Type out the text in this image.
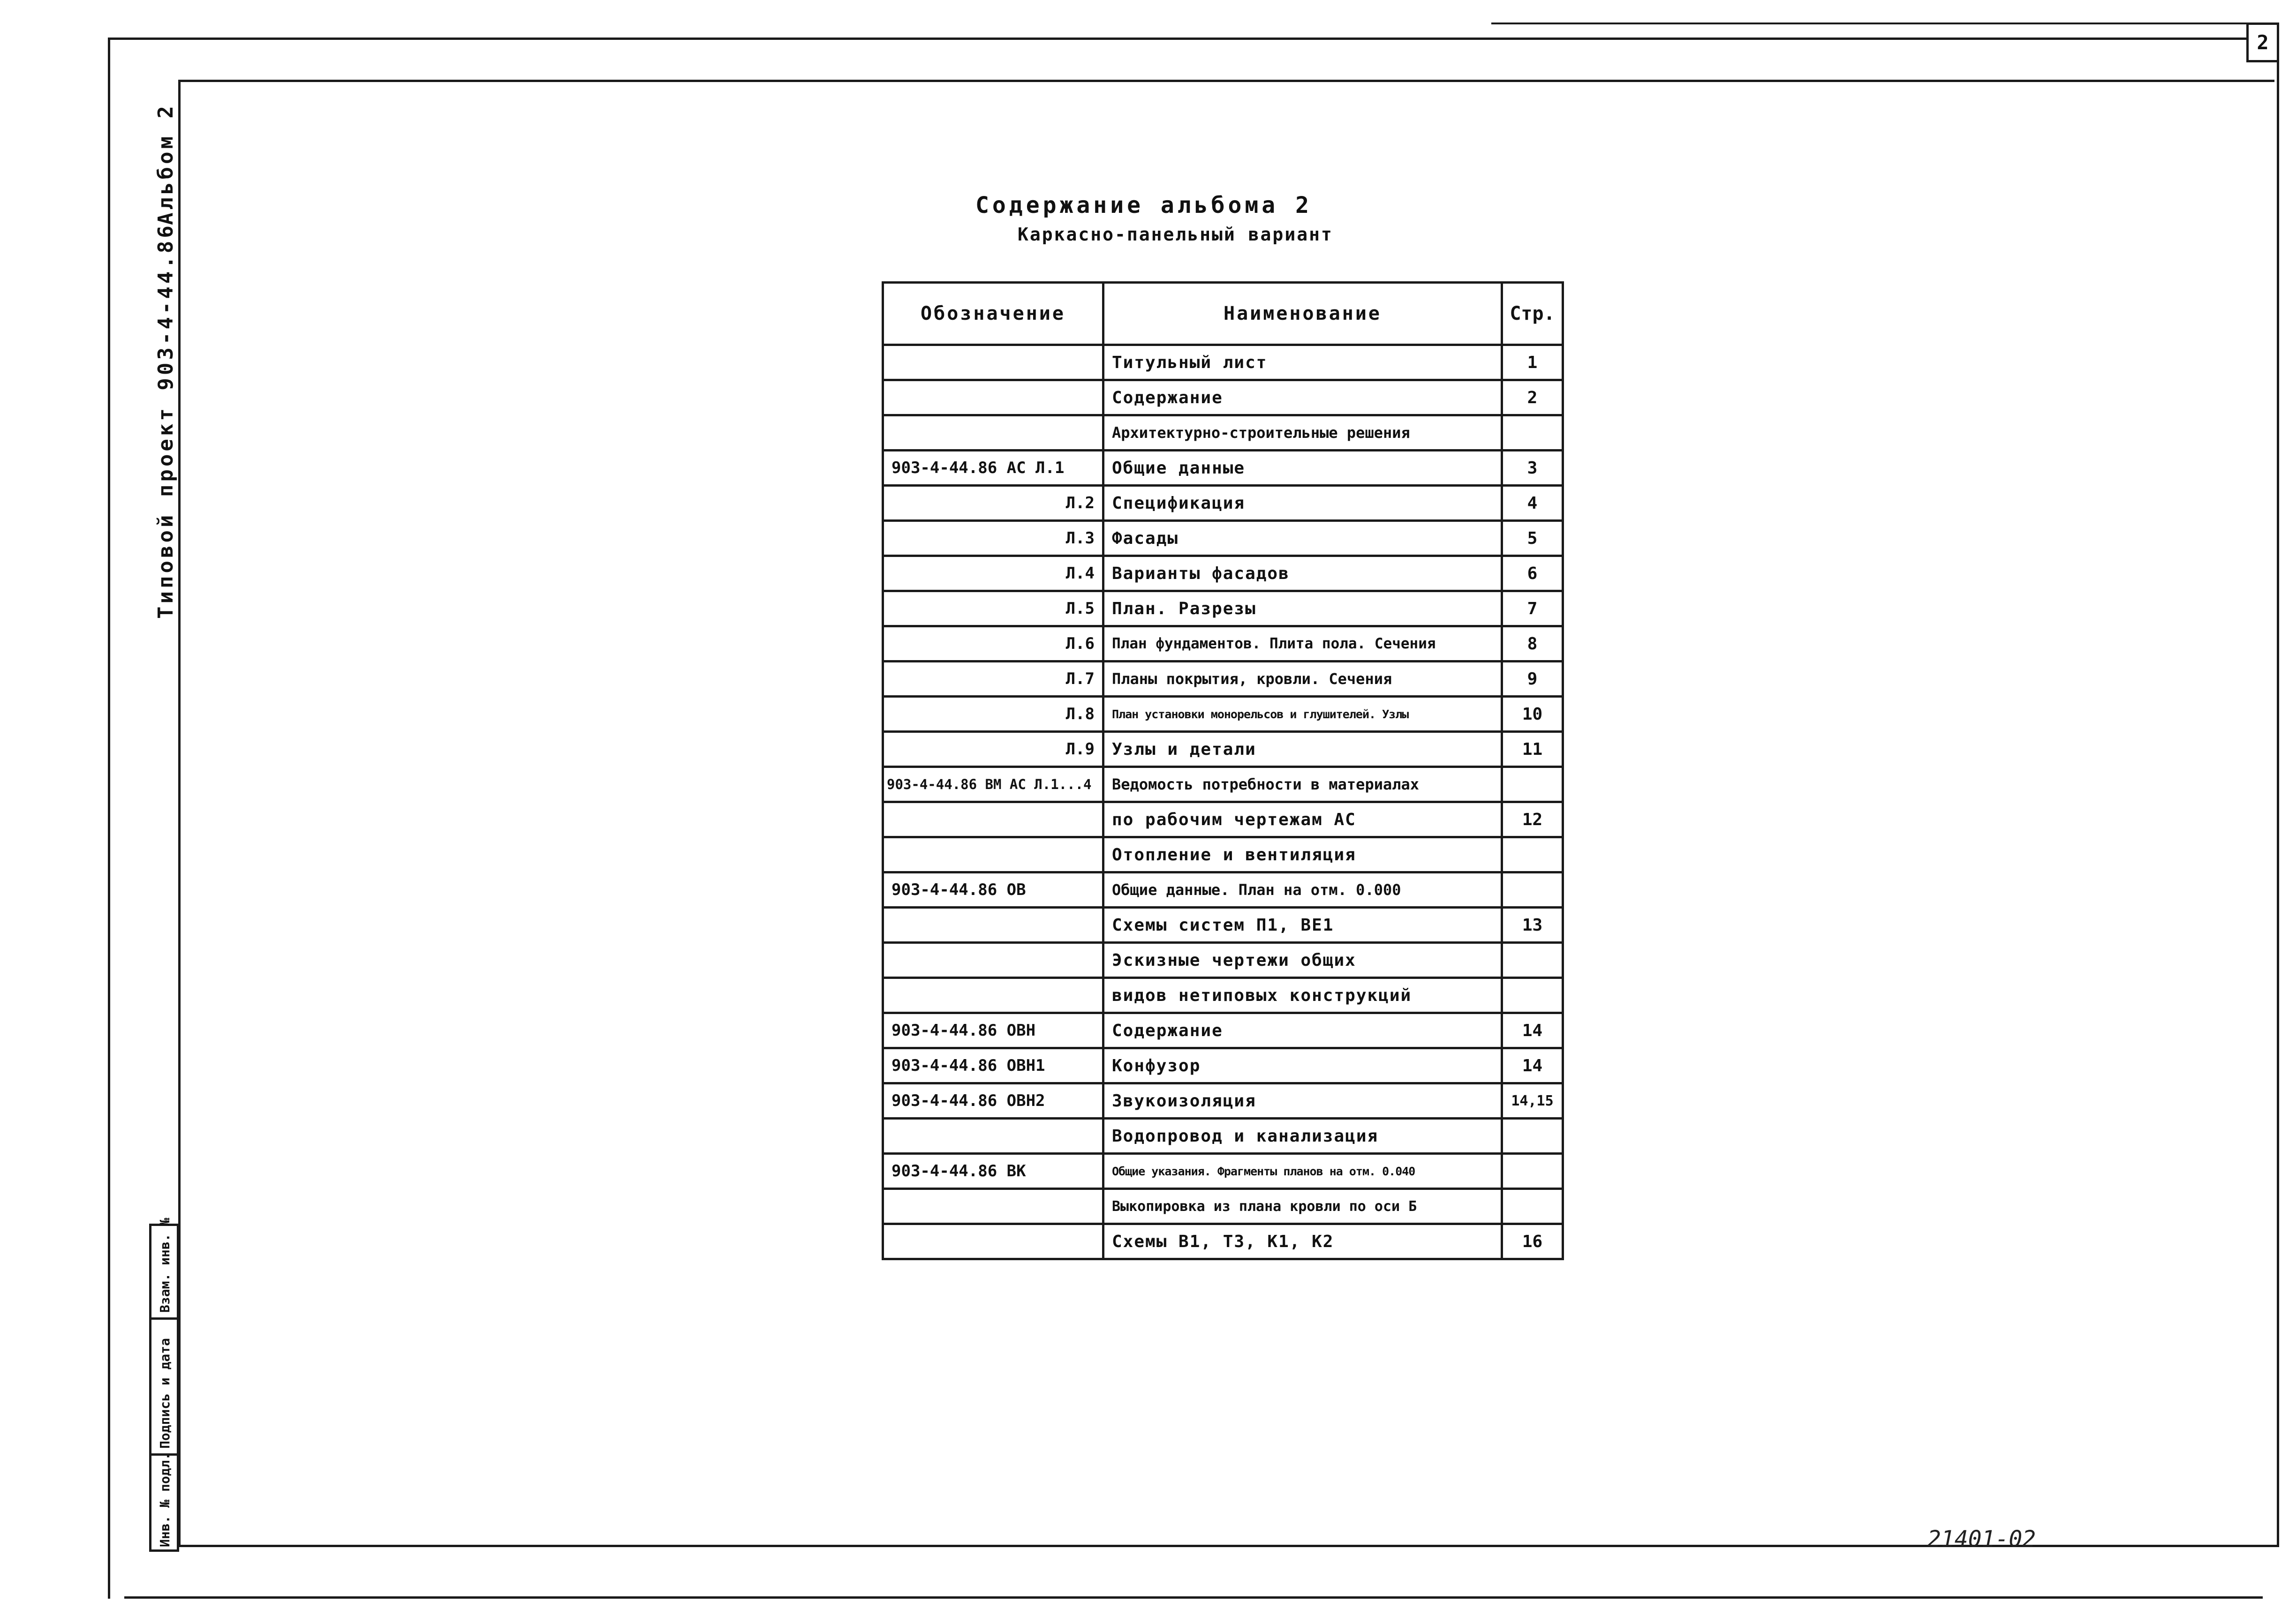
2
Типовой проект 903-4-44.86
Альбом 2	Содержание альбома 2
Каркасно-панельный вариант
Обозначение	Наименование	Стр.
	Титульный лист	1
	Содержание	2
	Архитектурно-строительные решения	
903-4-44.86 АС Л.1	Общие данные	3
Л.2	Спецификация	4
Л.3	Фасады	5
Л.4	Варианты фасадов	6
Л.5	План. Разрезы	7
Л.6	План фундаментов. Плита пола. Сечения	8
Л.7	Планы покрытия, кровли. Сечения	9
Л.8	План установки монорельсов и глушителей. Узлы	10
Л.9	Узлы и детали	11
903-4-44.86 ВМ АС Л.1...4	Ведомость потребности в материалах	
	по рабочим чертежам АС	12
	Отопление и вентиляция	
903-4-44.86 ОВ	Общие данные. План на отм. 0.000	
	Схемы систем П1, ВЕ1	13
	Эскизные чертежи общих	
	видов нетиповых конструкций	
903-4-44.86 ОВН	Содержание	14
903-4-44.86 ОВН1	Конфузор	14
903-4-44.86 ОВН2	Звукоизоляция	14,15
	Водопровод и канализация	
903-4-44.86 ВК	Общие указания. Фрагменты планов на отм. 0.040	
	Выкопировка из плана кровли по оси Б	
	Схемы В1, Т3, К1, К2	16
Взам. инв. №
Подпись и дата
Инв. № подл.	21401-02
